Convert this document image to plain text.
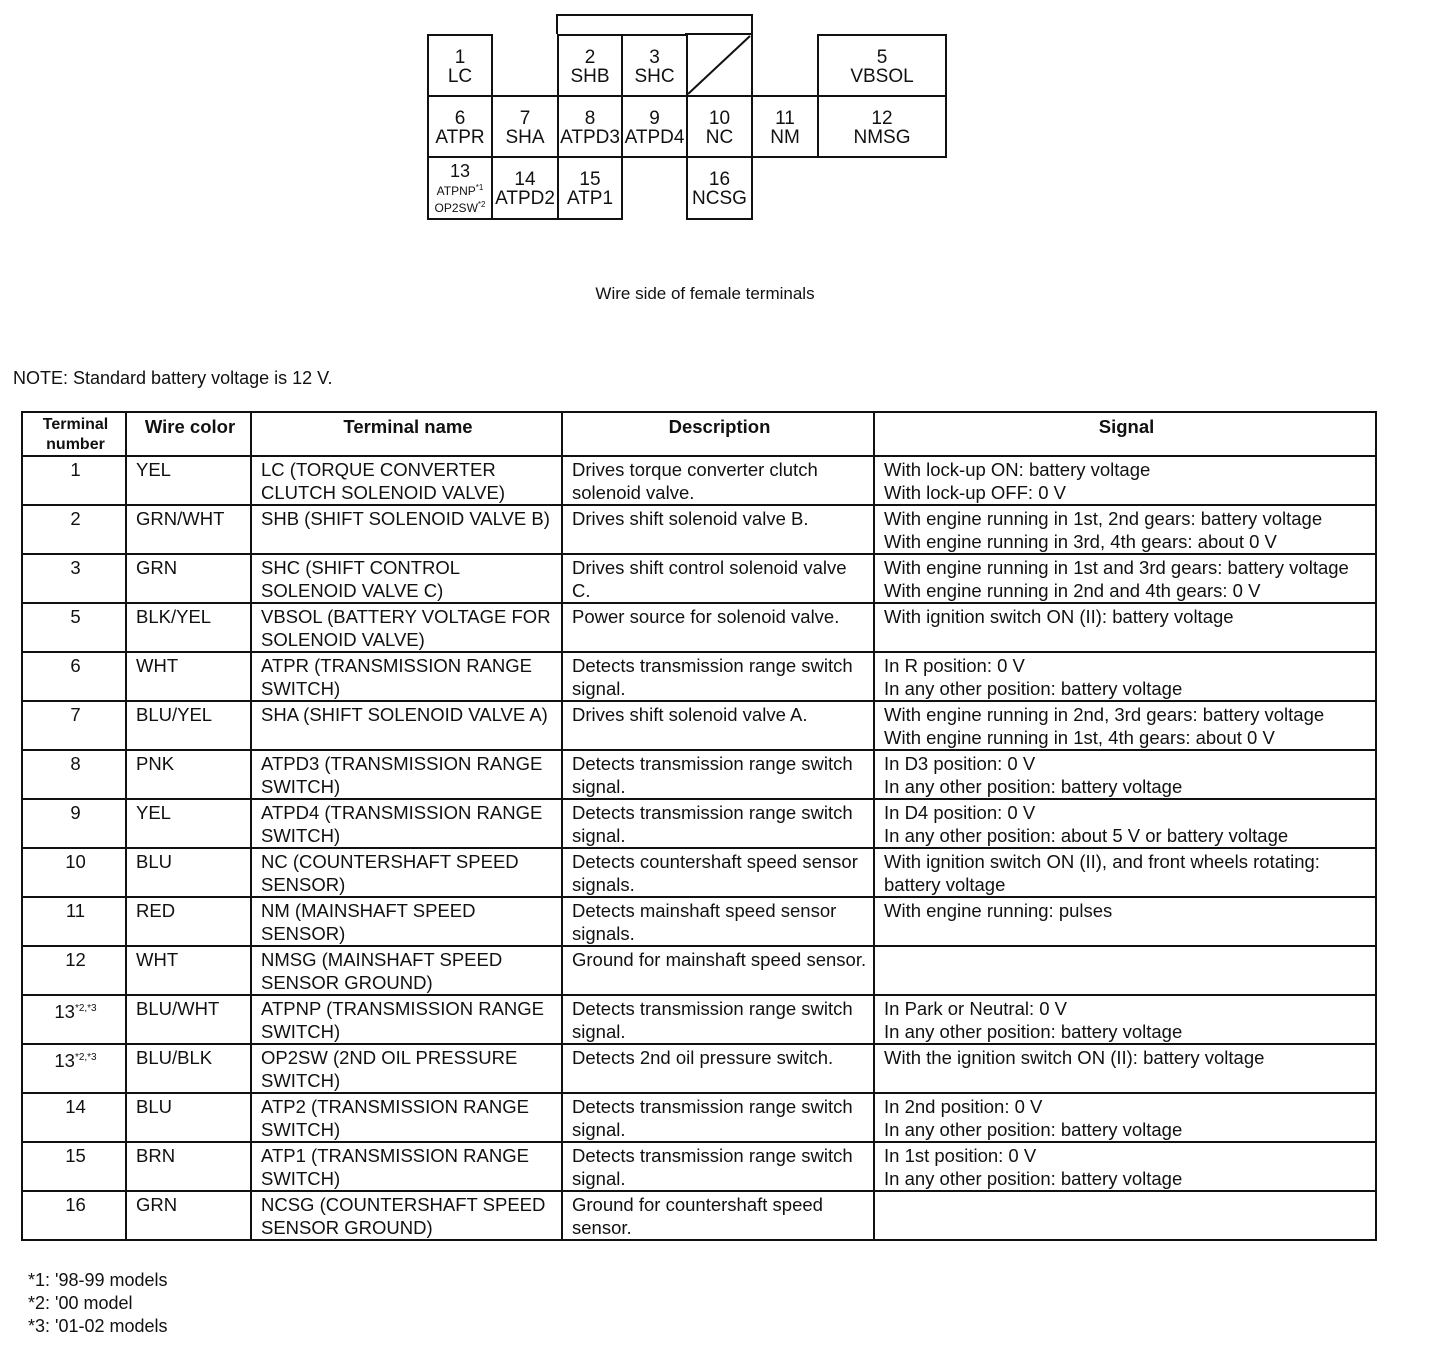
1
LC
2
SHB
3
SHC
5
VBSOL
6
ATPR
7
SHA
8
ATPD3
9
ATPD4
10
NC
11
NM
12
NMSG
13
ATPNP$^{*1}$
OP2SW$^{*2}$
14
ATPD2
15
ATP1
16
NCSG
Wire side of female terminals
NOTE: Standard battery voltage is 12 V.
Terminal number	Wire color	Terminal name	Description	Signal
1	YEL	LC (TORQUE CONVERTER CLUTCH SOLENOID VALVE)	Drives torque converter clutch solenoid valve.	With lock-up ON: battery voltage
With lock-up OFF: 0 V

2	GRN/WHT	SHB (SHIFT SOLENOID VALVE B)	Drives shift solenoid valve B.	With engine running in 1st, 2nd gears: battery voltage
With engine running in 3rd, 4th gears: about 0 V

3	GRN	SHC (SHIFT CONTROL SOLENOID VALVE C)	Drives shift control solenoid valve C.	With engine running in 1st and 3rd gears: battery voltage
With engine running in 2nd and 4th gears: 0 V

5	BLK/YEL	VBSOL (BATTERY VOLTAGE FOR SOLENOID VALVE)	Power source for solenoid valve.	With ignition switch ON (II): battery voltage

6	WHT	ATPR (TRANSMISSION RANGE SWITCH)	Detects transmission range switch signal.	In R position: 0 V
In any other position: battery voltage

7	BLU/YEL	SHA (SHIFT SOLENOID VALVE A)	Drives shift solenoid valve A.	With engine running in 2nd, 3rd gears: battery voltage
With engine running in 1st, 4th gears: about 0 V

8	PNK	ATPD3 (TRANSMISSION RANGE SWITCH)	Detects transmission range switch signal.	In D3 position: 0 V
In any other position: battery voltage

9	YEL	ATPD4 (TRANSMISSION RANGE SWITCH)	Detects transmission range switch signal.	In D4 position: 0 V
In any other position: about 5 V or battery voltage

10	BLU	NC (COUNTERSHAFT SPEED SENSOR)	Detects countershaft speed sensor signals.	With ignition switch ON (II), and front wheels rotating: battery voltage

11	RED	NM (MAINSHAFT SPEED SENSOR)	Detects mainshaft speed sensor signals.	With engine running: pulses

12	WHT	NMSG (MAINSHAFT SPEED SENSOR GROUND)	Ground for mainshaft speed sensor.	
$13^{*2,*3}$	BLU/WHT	ATPNP (TRANSMISSION RANGE SWITCH)	Detects transmission range switch signal.	In Park or Neutral: 0 V
In any other position: battery voltage

$13^{*2,*3}$	BLU/BLK	OP2SW (2ND OIL PRESSURE SWITCH)	Detects 2nd oil pressure switch.	With the ignition switch ON (II): battery voltage

14	BLU	ATP2 (TRANSMISSION RANGE SWITCH)	Detects transmission range switch signal.	In 2nd position: 0 V
In any other position: battery voltage

15	BRN	ATP1 (TRANSMISSION RANGE SWITCH)	Detects transmission range switch signal.	In 1st position: 0 V
In any other position: battery voltage

16	GRN	NCSG (COUNTERSHAFT SPEED SENSOR GROUND)	Ground for countershaft speed sensor.	
*1: '98-99 models
*2: '00 model
*3: '01-02 models
